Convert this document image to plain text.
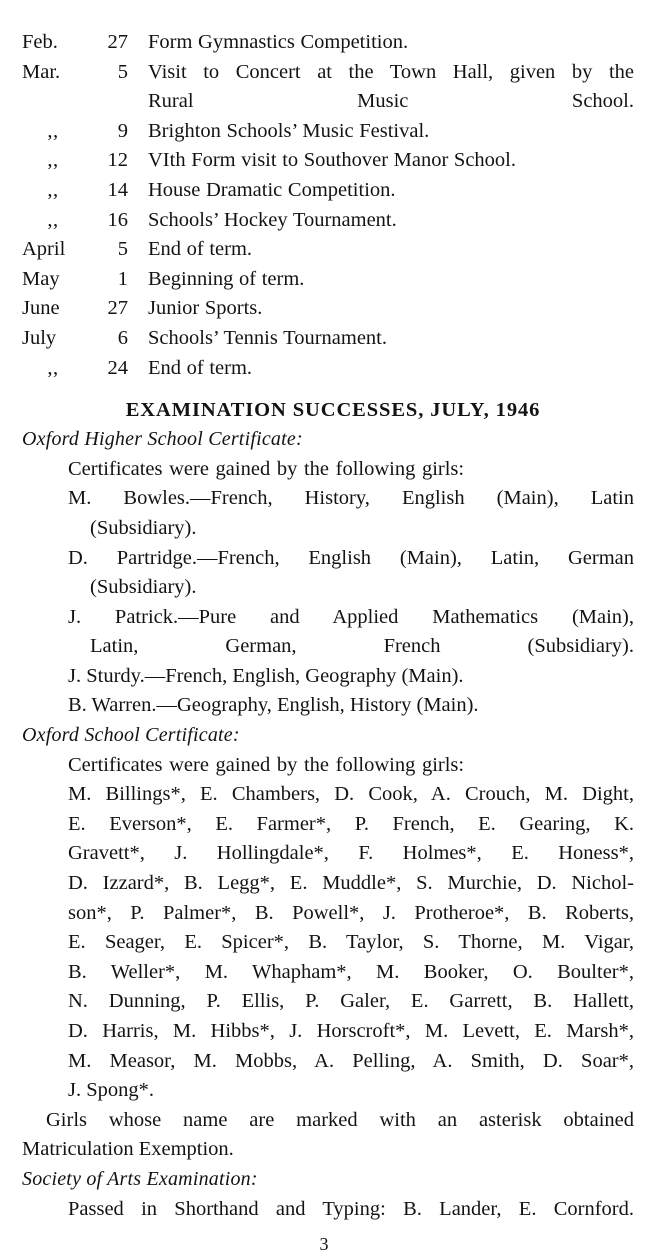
Feb.	27	Form Gymnastics Competition.
Mar.	5	Visit to Concert at the Town Hall, given by the
Rural Music School.

,,	9	Brighton Schools’ Music Festival.
,,	12	VIth Form visit to Southover Manor School.
,,	14	House Dramatic Competition.
,,	16	Schools’ Hockey Tournament.
April	5	End of term.
May	1	Beginning of term.
June	27	Junior Sports.
July	6	Schools’ Tennis Tournament.
,,	24	End of term.
EXAMINATION SUCCESSES, JULY, 1946
Oxford Higher School Certificate:
Certificates were gained by the following girls:
M. Bowles.—French, History, English (Main), Latin
(Subsidiary).
D. Partridge.—French, English (Main), Latin, German
(Subsidiary).
J. Patrick.—Pure and Applied Mathematics (Main),
Latin, German, French (Subsidiary).
J. Sturdy.—French, English, Geography (Main).
B. Warren.—Geography, English, History (Main).
Oxford School Certificate:
Certificates were gained by the following girls:
M. Billings*, E. Chambers, D. Cook, A. Crouch, M. Dight,
E. Everson*, E. Farmer*, P. French, E. Gearing, K.
Gravett*, J. Hollingdale*, F. Holmes*, E. Honess*,
D. Izzard*, B. Legg*, E. Muddle*, S. Murchie, D. Nichol-
son*, P. Palmer*, B. Powell*, J. Protheroe*, B. Roberts,
E. Seager, E. Spicer*, B. Taylor, S. Thorne, M. Vigar,
B. Weller*, M. Whapham*, M. Booker, O. Boulter*,
N. Dunning, P. Ellis, P. Galer, E. Garrett, B. Hallett,
D. Harris, M. Hibbs*, J. Horscroft*, M. Levett, E. Marsh*,
M. Measor, M. Mobbs, A. Pelling, A. Smith, D. Soar*,
J. Spong*.
Girls whose name are marked with an asterisk obtained
Matriculation Exemption.
Society of Arts Examination:
Passed in Shorthand and Typing: B. Lander, E. Cornford.
3
